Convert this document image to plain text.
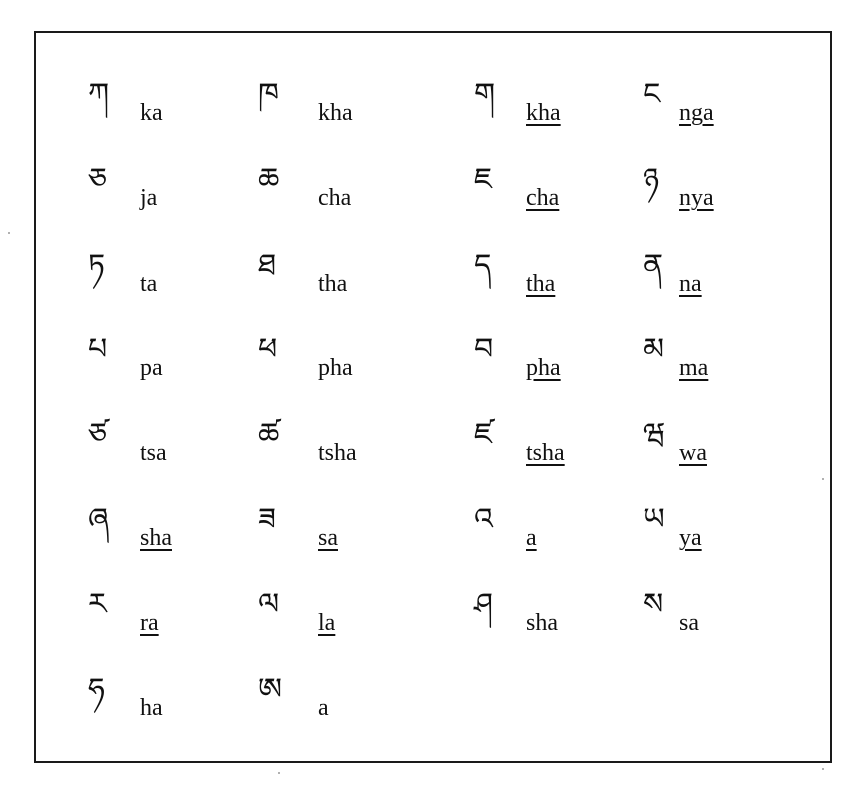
ཀ
ka
ཁ
kha
ག
kha
ང
nga
ཅ
ja
ཆ
cha
ཇ
cha
ཉ
nya
ཏ
ta
ཐ
tha
ད
tha
ན
na
པ
pa
ཕ
pha
བ
pha
མ
ma
ཙ
tsa
ཚ
tsha
ཛ
tsha
ཝ
wa
ཞ
sha
ཟ
sa
འ
a
ཡ
ya
ར
ra
ལ
la
ཤ
sha
ས
sa
ཧ
ha
ཨ
a
